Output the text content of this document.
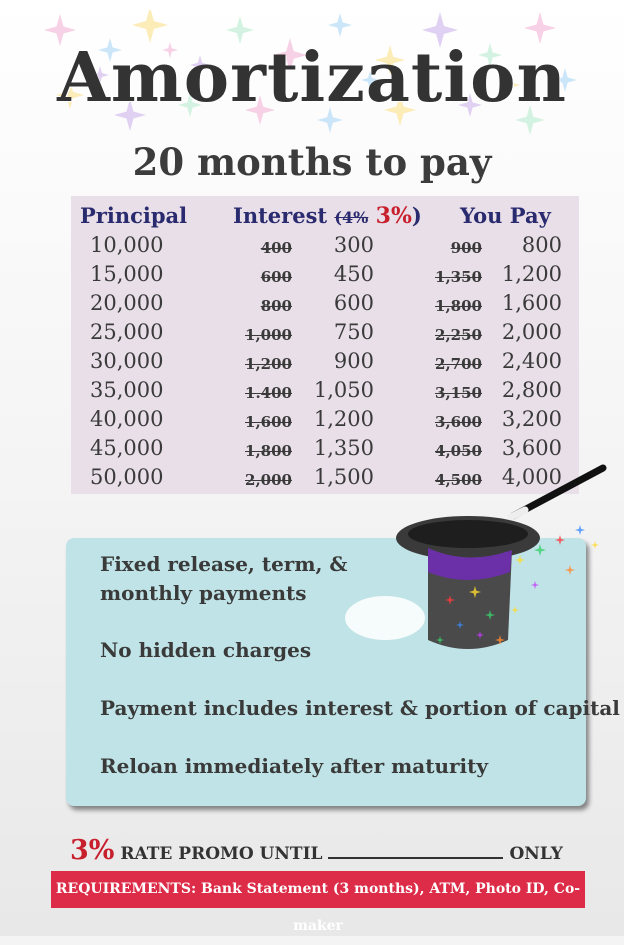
Amortization
20 months to pay
Principal Interest (4% 3%) You Pay
10,000	400	300	900	800
15,000	600	450	1,350 1,200
20,000	800	600	1,800 1,600
25,000	1,000	750	2,250 2,000
30,000	1,200	900	2,700 2,400
35,000	1.400	1,050	3,150 2,800
40,000	1,600	1,200	3,600 3,200
45,000	1,800	1,350	4,050 3,600
50,000	2,000	1,500	4,500 4,000
Fixed release, term, & monthly payments
No hidden charges
Payment includes interest & portion of capital
Reloan immediately after maturity
3% RATE PROMO UNTIL	ONLY
REQUIREMENTS: Bank Statement (3 months), ATM, Photo ID, Co-maker
